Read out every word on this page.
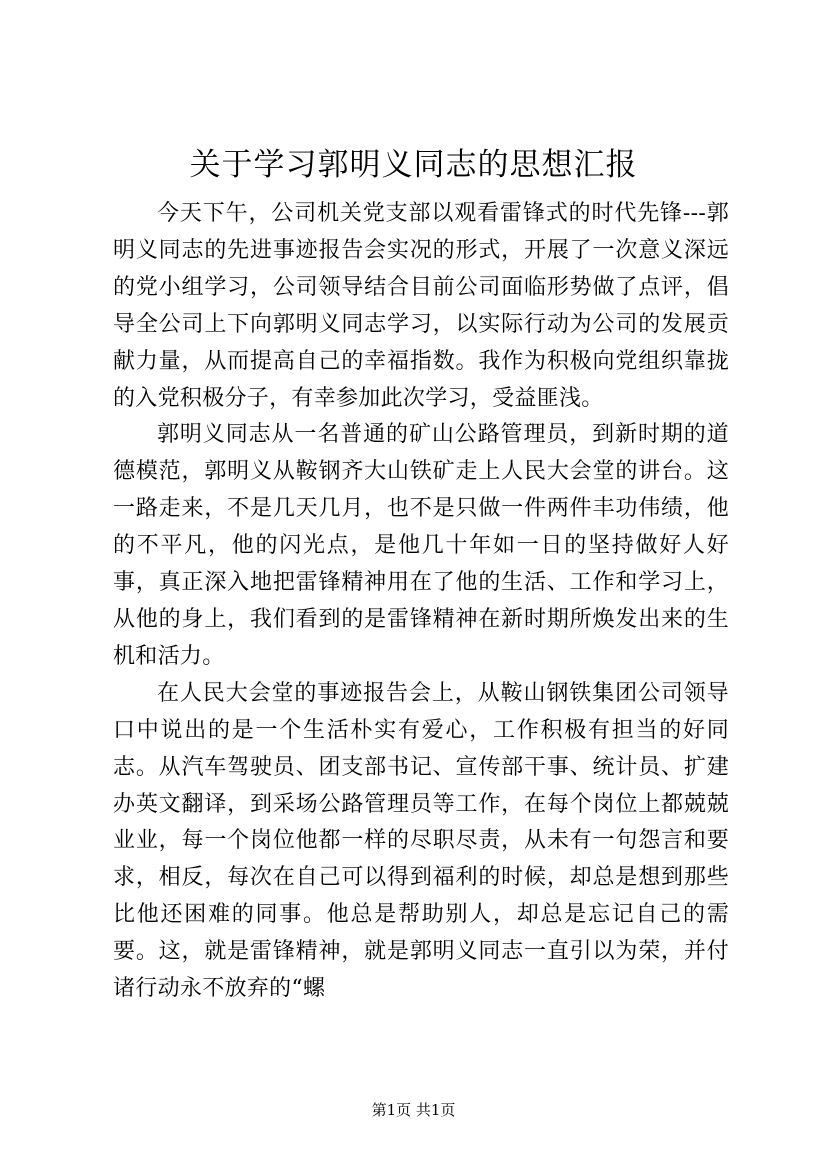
关于学习郭明义同志的思想汇报

今天下午，公司机关党支部以观看雷锋式的时代先锋---郭明义同志的先进事迹报告会实况的形式，开展了一次意义深远的党小组学习，公司领导结合目前公司面临形势做了点评，倡导全公司上下向郭明义同志学习，以实际行动为公司的发展贡献力量，从而提高自己的幸福指数。我作为积极向党组织靠拢的入党积极分子，有幸参加此次学习，受益匪浅。

郭明义同志从一名普通的矿山公路管理员，到新时期的道德模范，郭明义从鞍钢齐大山铁矿走上人民大会堂的讲台。这一路走来，不是几天几月，也不是只做一件两件丰功伟绩，他的不平凡，他的闪光点，是他几十年如一日的坚持做好人好事，真正深入地把雷锋精神用在了他的生活、工作和学习上，从他的身上，我们看到的是雷锋精神在新时期所焕发出来的生机和活力。

在人民大会堂的事迹报告会上，从鞍山钢铁集团公司领导口中说出的是一个生活朴实有爱心，工作积极有担当的好同志。从汽车驾驶员、团支部书记、宣传部干事、统计员、扩建办英文翻译，到采场公路管理员等工作，在每个岗位上都兢兢业业，每一个岗位他都一样的尽职尽责，从未有一句怨言和要求，相反，每次在自己可以得到福利的时候，却总是想到那些比他还困难的同事。他总是帮助别人，却总是忘记自己的需要。这，就是雷锋精神，就是郭明义同志一直引以为荣，并付诸行动永不放弃的“螺

第1页 共1页
